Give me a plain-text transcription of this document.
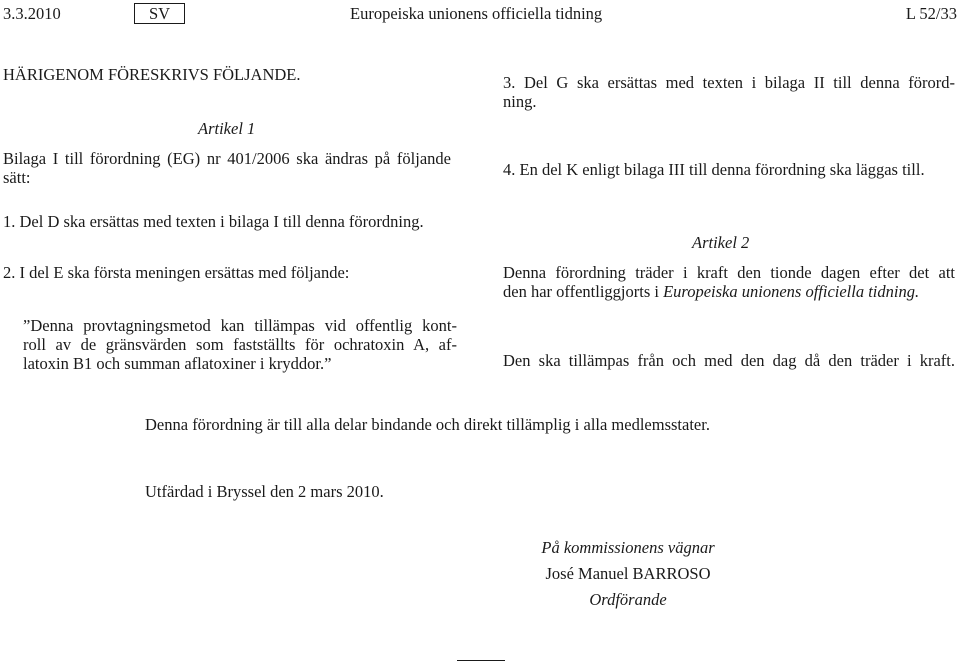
3.3.2010	SV	Europeiska unionens officiella tidning	L 52/33
HÄRIGENOM FÖRESKRIVS FÖLJANDE.
Artikel 1
Bilaga I till förordning (EG) nr 401/2006 ska ändras på följande
sätt:
1. Del D ska ersättas med texten i bilaga I till denna förordning.
2. I del E ska första meningen ersättas med följande:
”Denna provtagningsmetod kan tillämpas vid offentlig kont-
roll av de gränsvärden som fastställts för ochratoxin A, af-
latoxin B1 och summan aflatoxiner i kryddor.”
3. Del G ska ersättas med texten i bilaga II till denna förord-
ning.
4. En del K enligt bilaga III till denna förordning ska läggas till.
Artikel 2
Denna förordning träder i kraft den tionde dagen efter det att
den har offentliggjorts i Europeiska unionens officiella tidning.
Den ska tillämpas från och med den dag då den träder i kraft.
Denna förordning är till alla delar bindande och direkt tillämplig i alla medlemsstater.
Utfärdad i Bryssel den 2 mars 2010.
På kommissionens vägnar
José Manuel BARROSO
Ordförande
